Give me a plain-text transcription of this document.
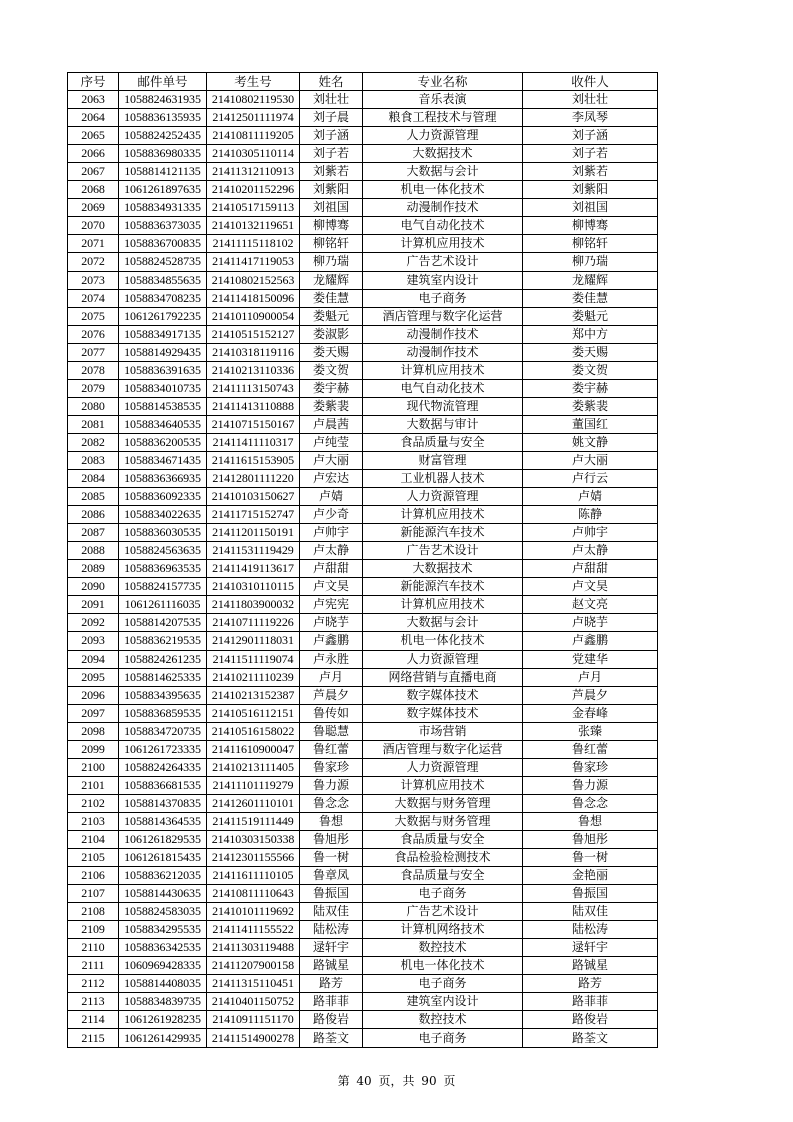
序号	邮件单号	考生号	姓名	专业名称	收件人
2063	1058824631935	21410802119530	刘壮壮	音乐表演	刘壮壮
2064	1058836135935	21412501111974	刘子晨	粮食工程技术与管理	李凤琴
2065	1058824252435	21410811119205	刘子涵	人力资源管理	刘子涵
2066	1058836980335	21410305110114	刘子若	大数据技术	刘子若
2067	1058814121135	21411312110913	刘紫若	大数据与会计	刘紫若
2068	1061261897635	21410201152296	刘紫阳	机电一体化技术	刘紫阳
2069	1058834931335	21410517159113	刘祖国	动漫制作技术	刘祖国
2070	1058836373035	21410132119651	柳博骞	电气自动化技术	柳博骞
2071	1058836700835	21411115118102	柳铭轩	计算机应用技术	柳铭轩
2072	1058824528735	21411417119053	柳乃瑞	广告艺术设计	柳乃瑞
2073	1058834855635	21410802152563	龙耀辉	建筑室内设计	龙耀辉
2074	1058834708235	21411418150096	娄佳慧	电子商务	娄佳慧
2075	1061261792235	21410110900054	娄魁元	酒店管理与数字化运营	娄魁元
2076	1058834917135	21410515152127	娄淑影	动漫制作技术	郑中方
2077	1058814929435	21410318119116	娄天赐	动漫制作技术	娄天赐
2078	1058836391635	21410213110336	娄文贺	计算机应用技术	娄文贺
2079	1058834010735	21411113150743	娄宇赫	电气自动化技术	娄宇赫
2080	1058814538535	21411413110888	娄紫裴	现代物流管理	娄紫裴
2081	1058834640535	21410715150167	卢晨茜	大数据与审计	董国红
2082	1058836200535	21411411110317	卢纯莹	食品质量与安全	姚文静
2083	1058834671435	21411615153905	卢大丽	财富管理	卢大丽
2084	1058836366935	21412801111220	卢宏达	工业机器人技术	卢行云
2085	1058836092335	21410103150627	卢婧	人力资源管理	卢婧
2086	1058834022635	21411715152747	卢少奇	计算机应用技术	陈静
2087	1058836030535	21411201150191	卢帅宇	新能源汽车技术	卢帅宇
2088	1058824563635	21411531119429	卢太静	广告艺术设计	卢太静
2089	1058836963535	21411419113617	卢甜甜	大数据技术	卢甜甜
2090	1058824157735	21410310110115	卢文昊	新能源汽车技术	卢文昊
2091	1061261116035	21411803900032	卢宪宪	计算机应用技术	赵文亮
2092	1058814207535	21410711119226	卢晓芋	大数据与会计	卢晓芋
2093	1058836219535	21412901118031	卢鑫鹏	机电一体化技术	卢鑫鹏
2094	1058824261235	21411511119074	卢永胜	人力资源管理	党建华
2095	1058814625335	21410211110239	卢月	网络营销与直播电商	卢月
2096	1058834395635	21410213152387	芦晨夕	数字媒体技术	芦晨夕
2097	1058836859535	21410516112151	鲁传如	数字媒体技术	金春峰
2098	1058834720735	21410516158022	鲁聪慧	市场营销	张臻
2099	1061261723335	21411610900047	鲁红蕾	酒店管理与数字化运营	鲁红蕾
2100	1058824264335	21410213111405	鲁家珍	人力资源管理	鲁家珍
2101	1058836681535	21411101119279	鲁力源	计算机应用技术	鲁力源
2102	1058814370835	21412601110101	鲁念念	大数据与财务管理	鲁念念
2103	1058814364535	21411519111449	鲁想	大数据与财务管理	鲁想
2104	1061261829535	21410303150338	鲁旭彤	食品质量与安全	鲁旭彤
2105	1061261815435	21412301155566	鲁一树	食品检验检测技术	鲁一树
2106	1058836212035	21411611110105	鲁章凤	食品质量与安全	金艳丽
2107	1058814430635	21410811110643	鲁振国	电子商务	鲁振国
2108	1058824583035	21410101119692	陆双佳	广告艺术设计	陆双佳
2109	1058834295535	21411411155522	陆松涛	计算机网络技术	陆松涛
2110	1058836342535	21411303119488	逯轩宇	数控技术	逯轩宇
2111	1060969428335	21411207900158	路铖星	机电一体化技术	路铖星
2112	1058814408035	21411315110451	路芳	电子商务	路芳
2113	1058834839735	21410401150752	路菲菲	建筑室内设计	路菲菲
2114	1061261928235	21410911151170	路俊岩	数控技术	路俊岩
2115	1061261429935	21411514900278	路荃文	电子商务	路荃文
第 40 页，共 90 页
